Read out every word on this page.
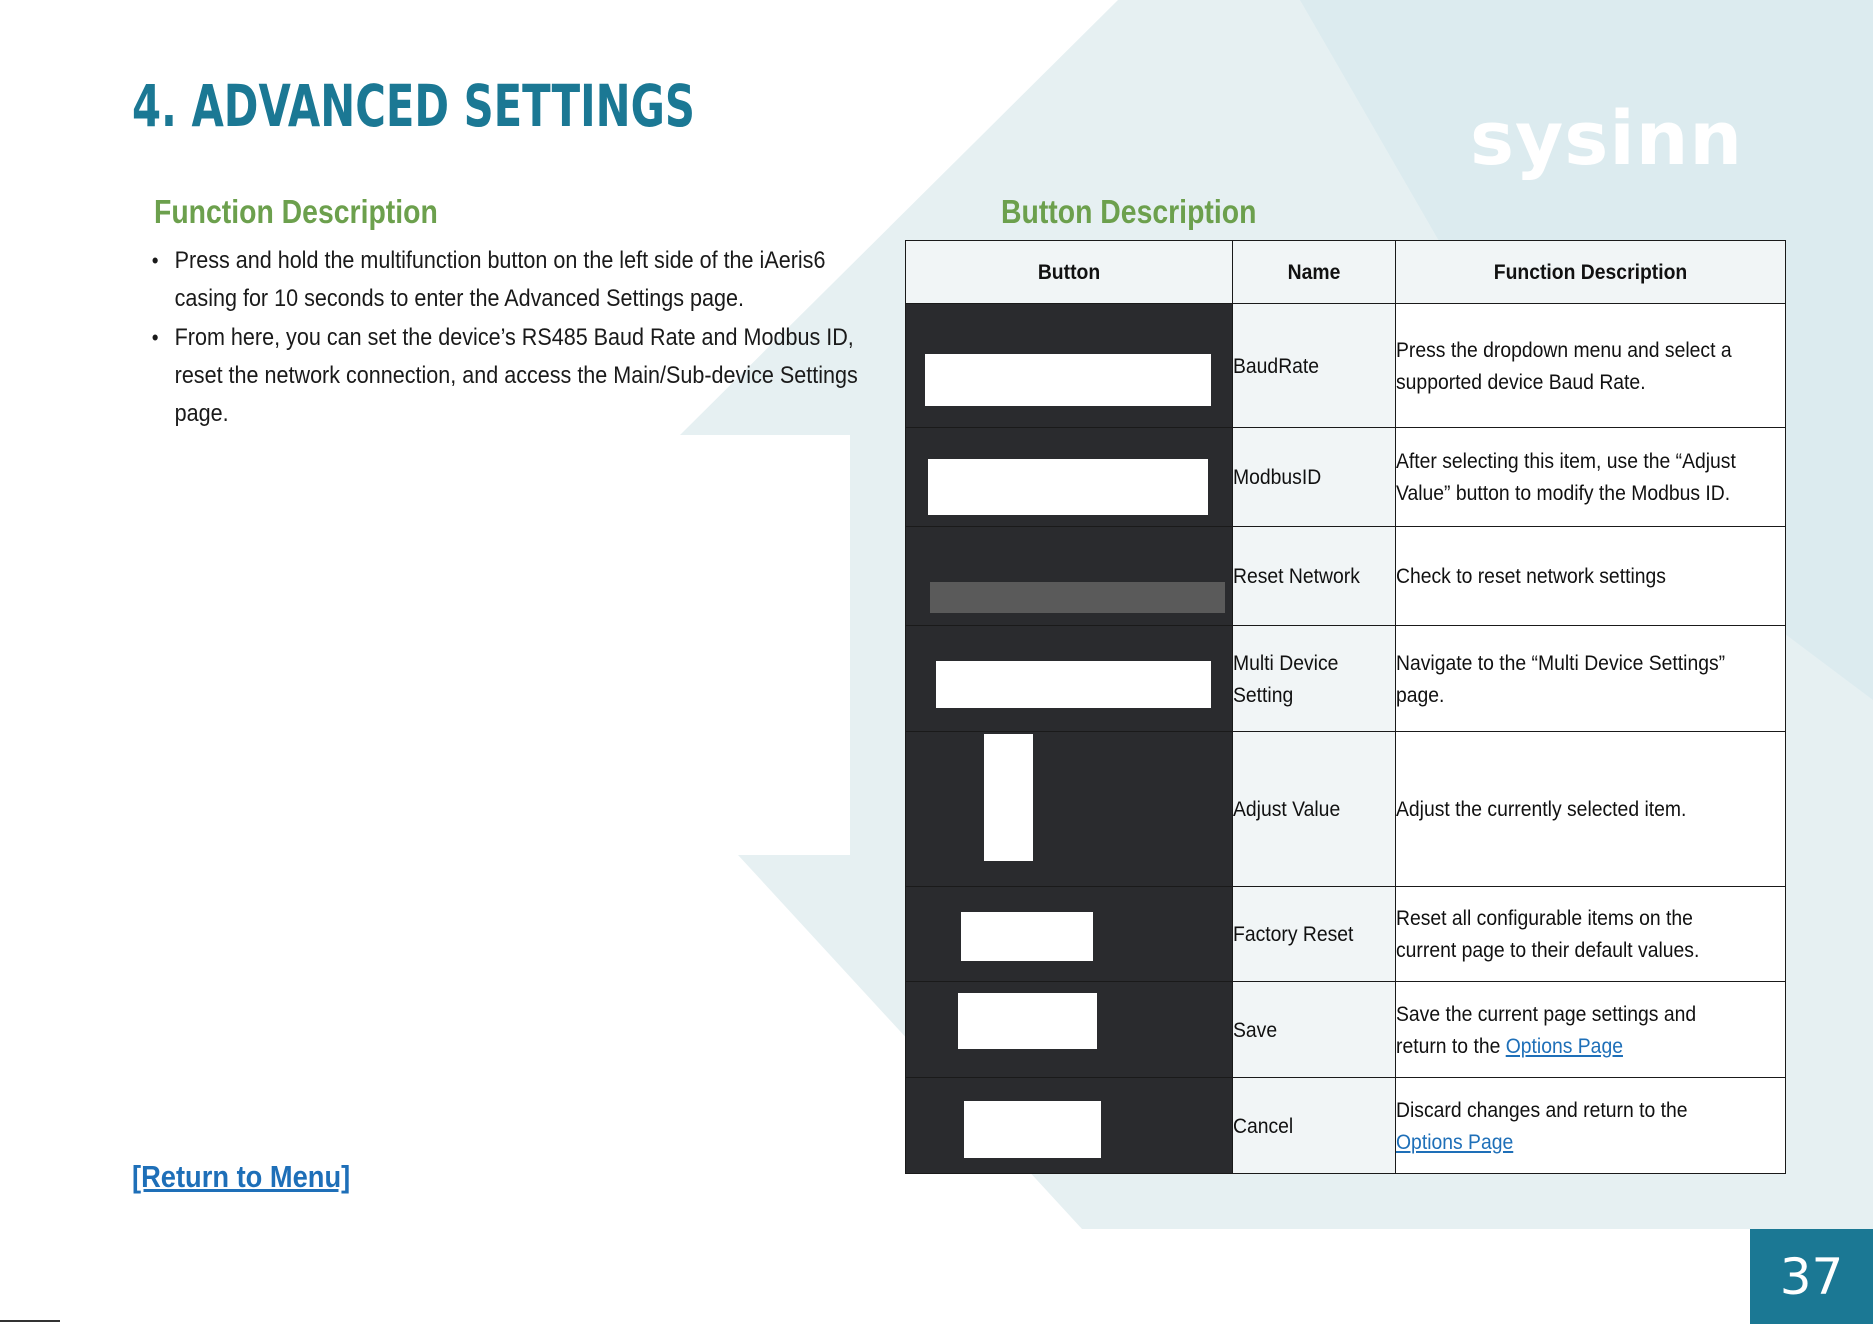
sysinn
4. ADVANCED SETTINGS
Function Description
• Press and hold the multifunction button on the left side of the iAeris6 casing for 10 seconds to enter the Advanced Settings page.
• From here, you can set the device’s RS485 Baud Rate and Modbus ID, reset the network connection, and access the Main/Sub-device Settings page.
Button Description
Button	Name	Function Description

	BaudRate	Press the dropdown menu and select a supported device Baud Rate.

	ModbusID	After selecting this item, use the “Adjust Value” button to modify the Modbus ID.

	Reset Network	Check to reset network settings

	Multi Device Setting	Navigate to the “Multi Device Settings” page.

	Adjust Value	Adjust the currently selected item.

	Factory Reset	Reset all configurable items on the current page to their default values.

	Save	Save the current page settings and return to the Options Page

	Cancel	Discard changes and return to the
Options Page
[Return to Menu]
37
